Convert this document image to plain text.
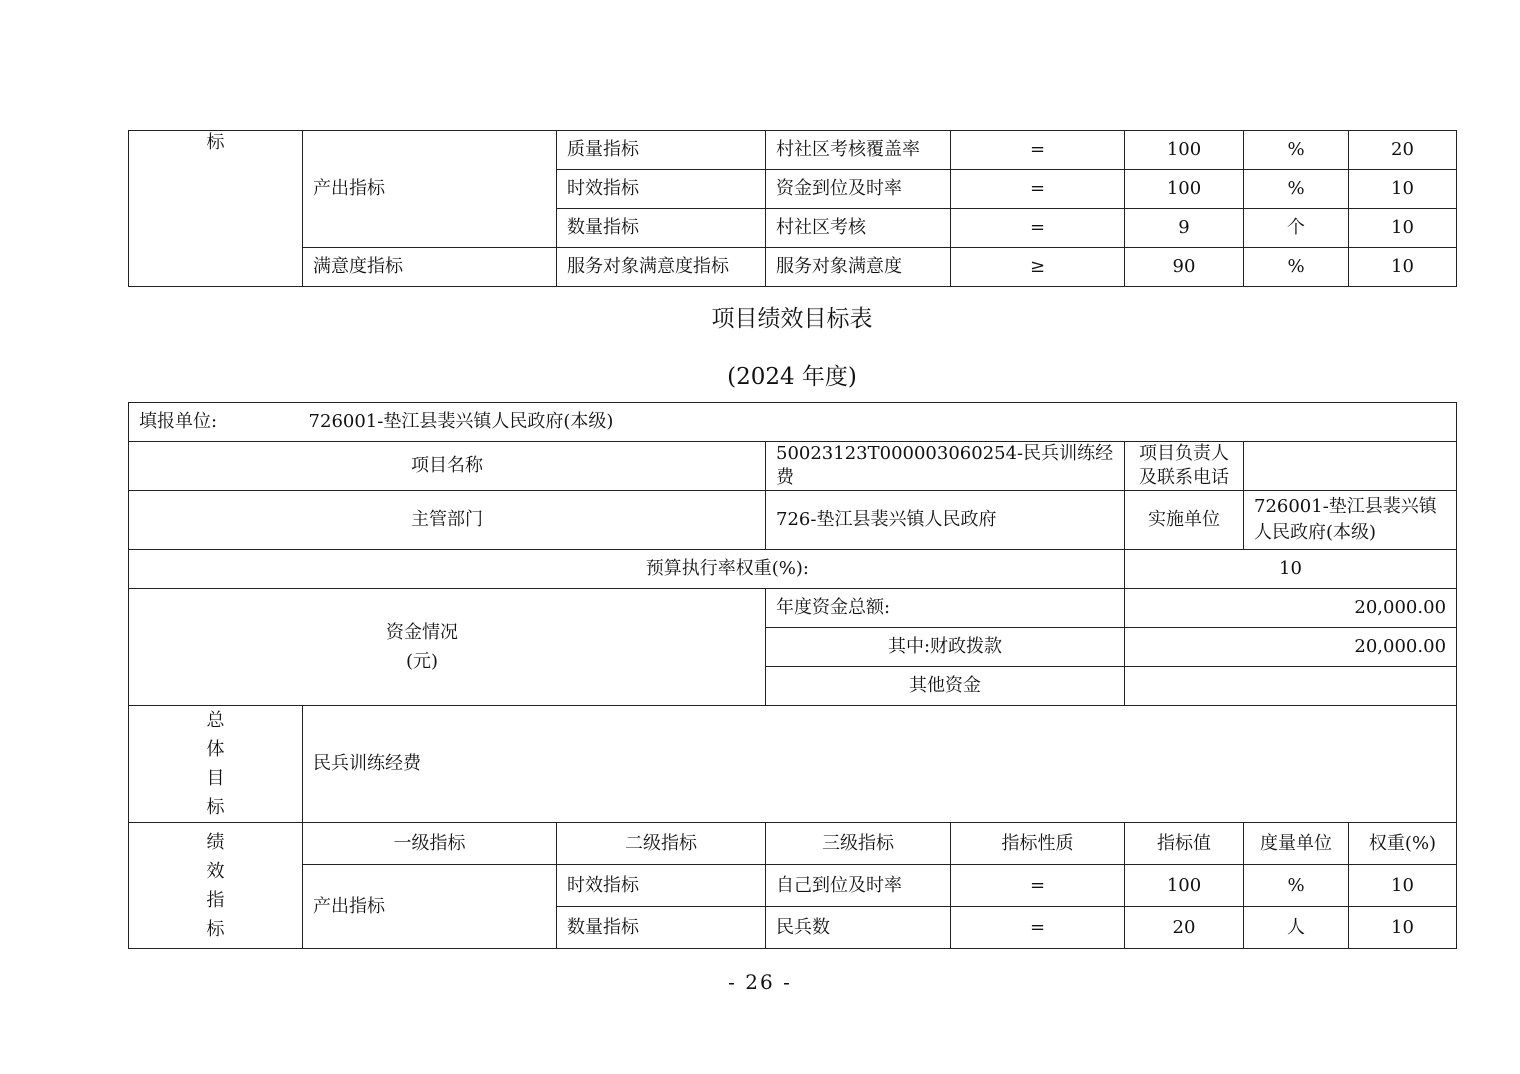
标	产出指标	质量指标	村社区考核覆盖率	=	100	%	20
		时效指标	资金到位及时率	=	100	%	10
		数量指标	村社区考核	=	9	个	10
	满意度指标	服务对象满意度指标	服务对象满意度	≥	90	%	10
项目绩效目标表
(2024 年度)
填报单位: 726001-垫江县裴兴镇人民政府(本级)							
项目名称			50023123T000003060254-民兵训练经费		项目负责人及联系电话		
主管部门			726-垫江县裴兴镇人民政府		实施单位	726001-垫江县裴兴镇
人民政府(本级)	

预算执行率权重(%):					10		

资金情况
(元)			年度资金总额:		20,000.00		
			其中:财政拨款		20,000.00		
			其他资金				

总
体
目
标	民兵训练经费						

绩
效
指
标	一级指标	二级指标	三级指标	指标性质	指标值	度量单位	权重(%)
	产出指标	时效指标	自己到位及时率	=	100	%	10
		数量指标	民兵数	=	20	人	10
- 26 -
